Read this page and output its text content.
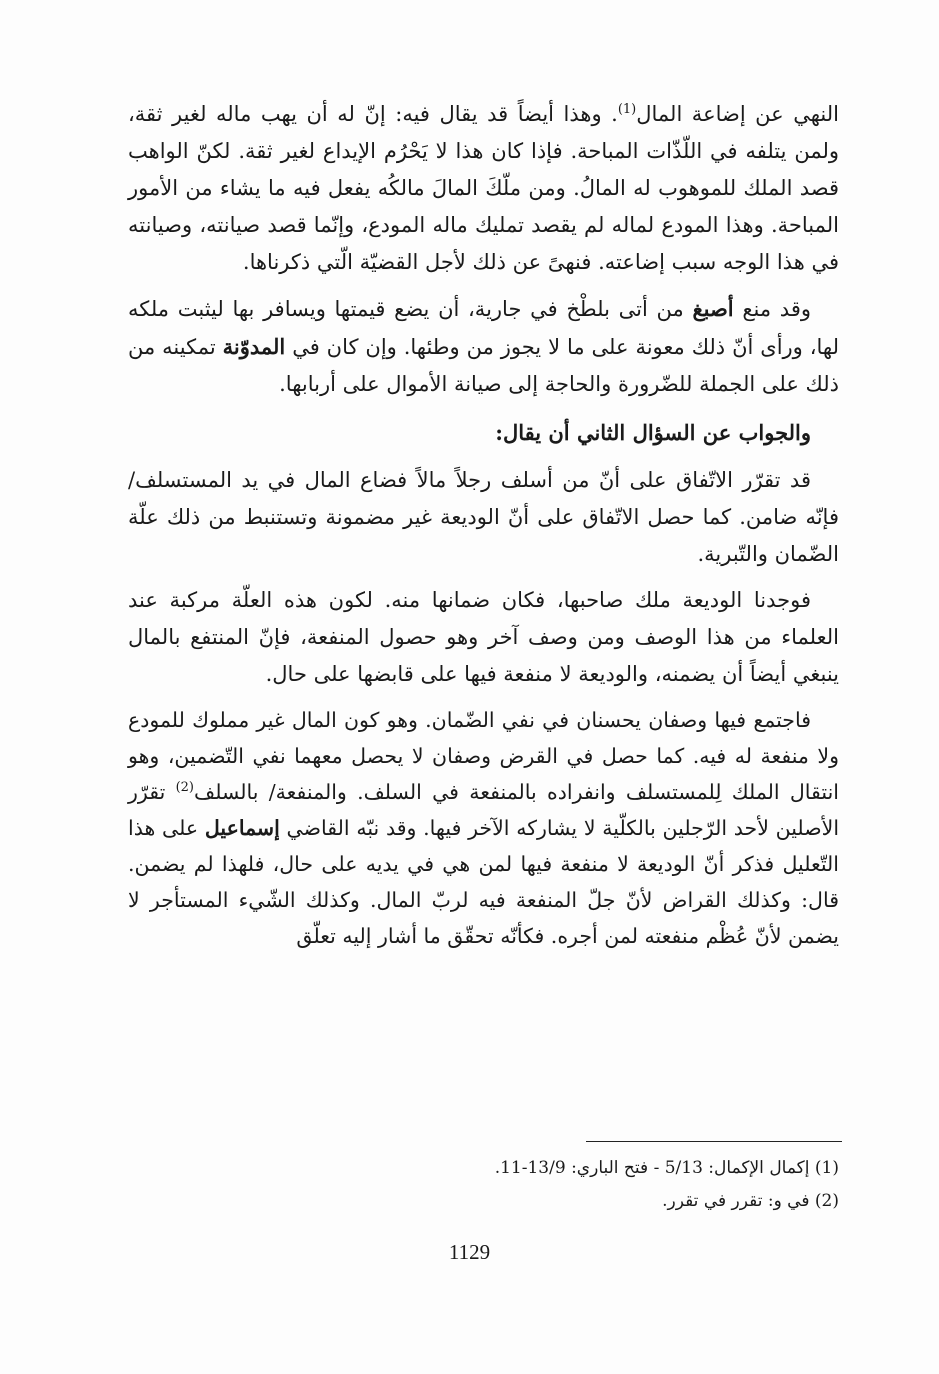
النهي عن إضاعة المال$^{(1)}$. وهذا أيضاً قد يقال فيه: إنّ له أن يهب ماله لغير ثقة، ولمن يتلفه في اللّذّات المباحة. فإذا كان هذا لا يَحْرُم الإيداع لغير ثقة. لكنّ الواهب قصد الملك للموهوب له المالُ. ومن ملّكَ المالَ مالكُه يفعل فيه ما يشاء من الأمور المباحة. وهذا المودع لماله لم يقصد تمليك ماله المودع، وإنّما قصد صيانته، وصيانته في هذا الوجه سبب إضاعته. فنهىً عن ذلك لأجل القضيّة الّتي ذكرناها.

وقد منع أصبغ من أتى بلطْخ في جارية، أن يضع قيمتها ويسافر بها ليثبت ملكه لها، ورأى أنّ ذلك معونة على ما لا يجوز من وطئها. وإن كان في المدوّنة تمكينه من ذلك على الجملة للضّرورة والحاجة إلى صيانة الأموال على أربابها.

والجواب عن السؤال الثاني أن يقال:

قد تقرّر الاتّفاق على أنّ من أسلف رجلاً مالاً فضاع المال في يد المستسلف/ فإنّه ضامن. كما حصل الاتّفاق على أنّ الوديعة غير مضمونة وتستنبط من ذلك علّة الضّمان والتّبرية.

فوجدنا الوديعة ملك صاحبها، فكان ضمانها منه. لكون هذه العلّة مركبة عند العلماء من هذا الوصف ومن وصف آخر وهو حصول المنفعة، فإنّ المنتفع بالمال ينبغي أيضاً أن يضمنه، والوديعة لا منفعة فيها على قابضها على حال.

فاجتمع فيها وصفان يحسنان في نفي الضّمان. وهو كون المال غير مملوك للمودع ولا منفعة له فيه. كما حصل في القرض وصفان لا يحصل معهما نفي التّضمين، وهو انتقال الملك لِلمستسلف وانفراده بالمنفعة في السلف. والمنفعة/ بالسلف$^{(2)}$ تقرّر الأصلين لأحد الرّجلين بالكلّية لا يشاركه الآخر فيها. وقد نبّه القاضي إسماعيل على هذا التّعليل فذكر أنّ الوديعة لا منفعة فيها لمن هي في يديه على حال، فلهذا لم يضمن. قال: وكذلك القراض لأنّ جلّ المنفعة فيه لربّ المال. وكذلك الشّيء المستأجر لا يضمن لأنّ عُظْم منفعته لمن أجره. فكأنّه تحقّق ما أشار إليه تعلّق

(1) إكمال الإكمال: 5/13 - فتح الباري: 13/9-11.

(2) في و: تقرر في تقرر.

1129
